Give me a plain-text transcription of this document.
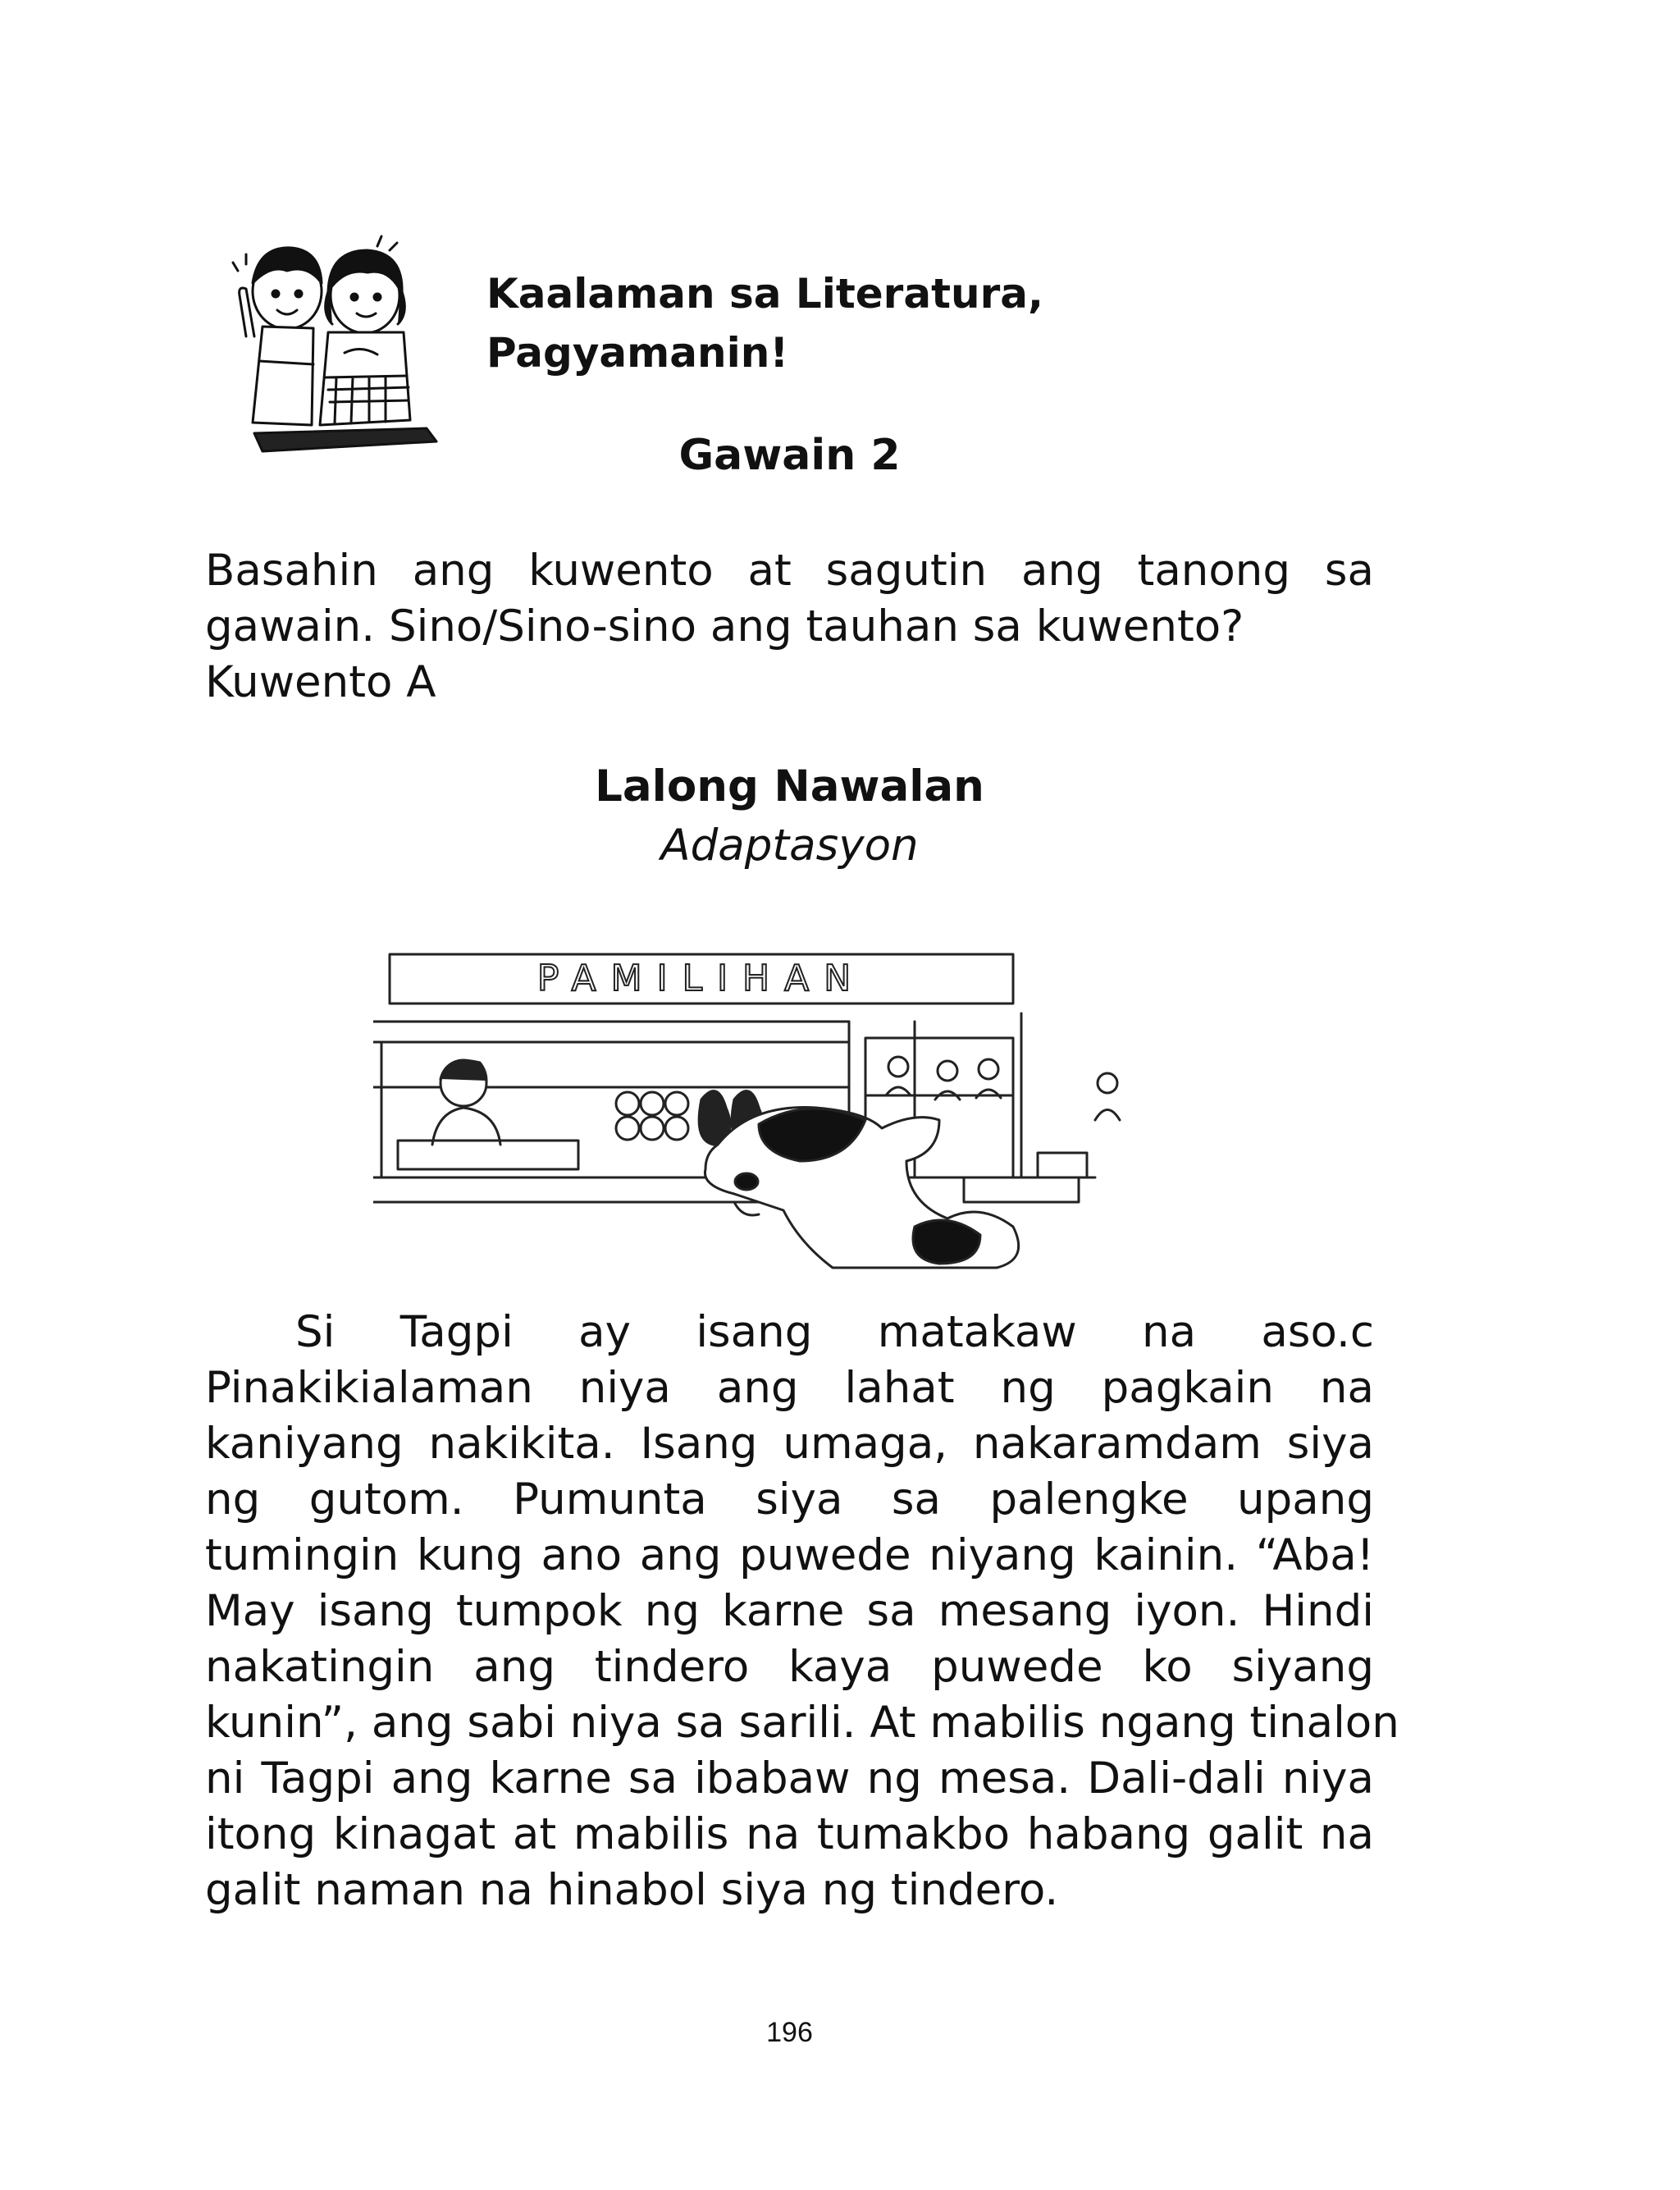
Kaalaman sa Literatura,
Pagyamanin!
Gawain 2

Basahin ang kuwento at sagutin ang tanong sa
gawain. Sino/Sino-sino ang tauhan sa kuwento?
Kuwento A

Lalong Nawalan
Adaptasyon
PAMILIHAN

Si Tagpi ay isang matakaw na aso.c
Pinakikialaman niya ang lahat ng pagkain na
kaniyang nakikita. Isang umaga, nakaramdam siya
ng gutom. Pumunta siya sa palengke upang
tumingin kung ano ang puwede niyang kainin. “Aba!
May isang tumpok ng karne sa mesang iyon. Hindi
nakatingin ang tindero kaya puwede ko siyang
kunin”, ang sabi niya sa sarili. At mabilis ngang tinalon
ni Tagpi ang karne sa ibabaw ng mesa. Dali-dali niya
itong kinagat at mabilis na tumakbo habang galit na
galit naman na hinabol siya ng tindero.

196
